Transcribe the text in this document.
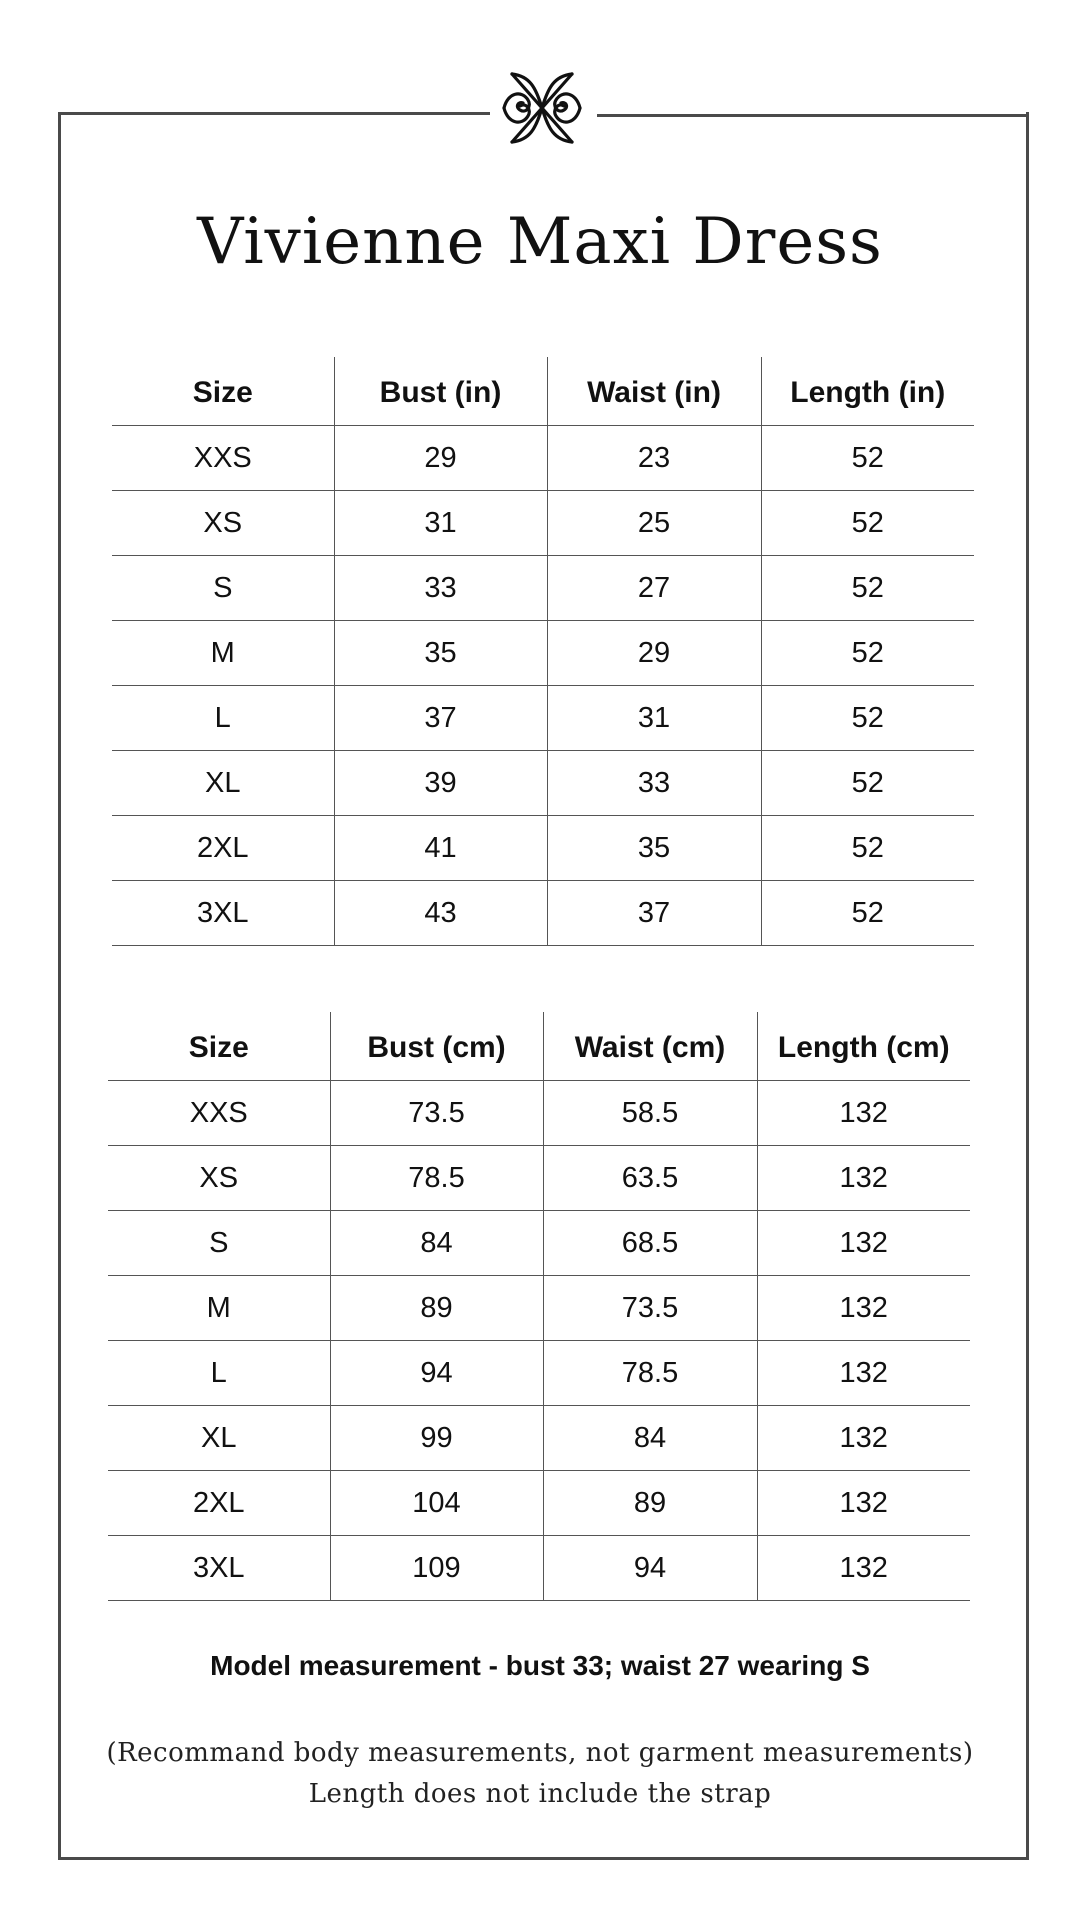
Vivienne Maxi Dress
Size	Bust (in)	Waist (in)	Length (in)
XXS	29	23	52
XS	31	25	52
S	33	27	52
M	35	29	52
L	37	31	52
XL	39	33	52
2XL	41	35	52
3XL	43	37	52
Size	Bust (cm)	Waist (cm)	Length (cm)
XXS	73.5	58.5	132
XS	78.5	63.5	132
S	84	68.5	132
M	89	73.5	132
L	94	78.5	132
XL	99	84	132
2XL	104	89	132
3XL	109	94	132

Model measurement - bust 33; waist 27 wearing S

(Recommand body measurements, not garment measurements)

Length does not include the strap
